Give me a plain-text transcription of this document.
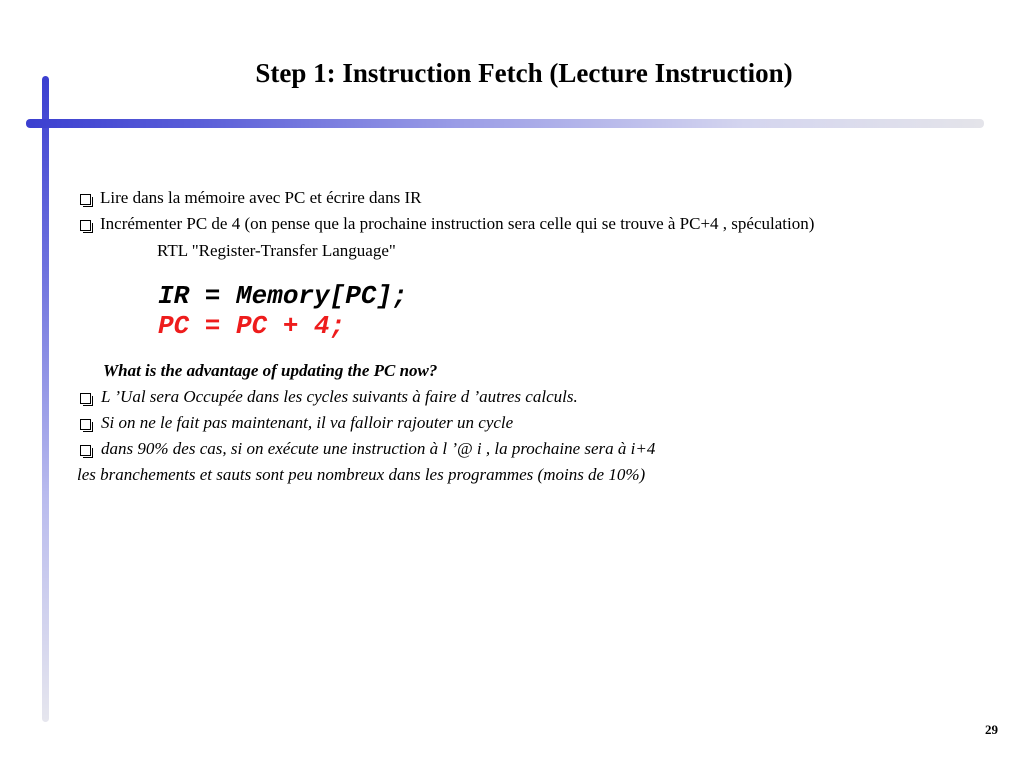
Step 1: Instruction Fetch (Lecture Instruction)
Lire dans la mémoire avec PC et écrire dans IR
Incrémenter PC de 4 (on pense que la prochaine instruction sera celle qui se trouve à PC+4 , spéculation)
RTL "Register-Transfer Language"
IR = Memory[PC];
PC = PC + 4;
What is the advantage of updating the PC now?
L ’Ual sera Occupée dans les cycles suivants à faire d ’autres calculs.
Si on ne le fait pas maintenant, il va falloir rajouter un cycle
dans 90% des cas, si on exécute une instruction à l ’@ i , la prochaine sera à i+4
les branchements et sauts sont peu nombreux dans les programmes (moins de 10%)
29
